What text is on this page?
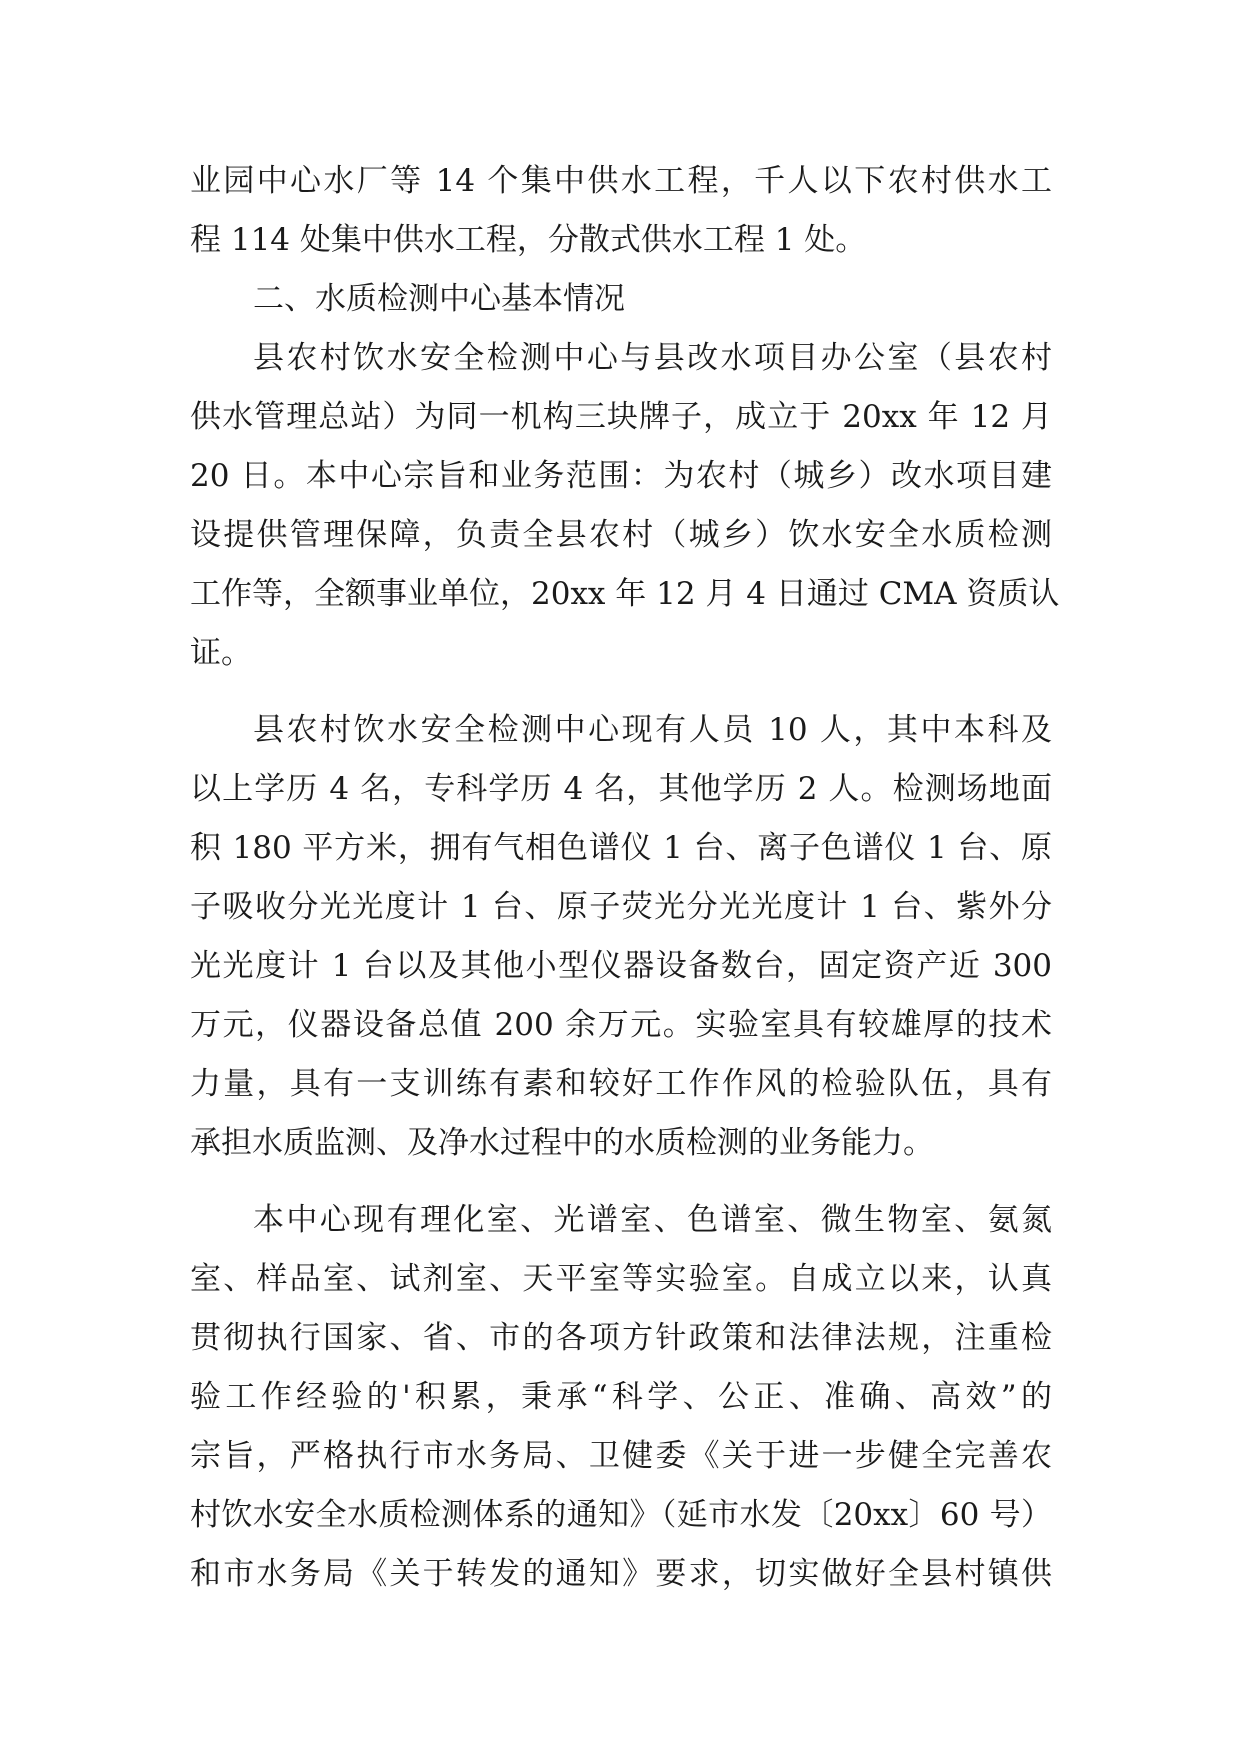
业园中心水厂等 14 个集中供水工程，千人以下农村供水工
程 114 处集中供水工程，分散式供水工程 1 处。
二、水质检测中心基本情况
县农村饮水安全检测中心与县改水项目办公室（县农村
供水管理总站）为同一机构三块牌子，成立于 20xx 年 12 月
20 日。本中心宗旨和业务范围：为农村（城乡）改水项目建
设提供管理保障，负责全县农村（城乡）饮水安全水质检测
工作等，全额事业单位，20xx 年 12 月 4 日通过 CMA 资质认
证。
县农村饮水安全检测中心现有人员 10 人，其中本科及
以上学历 4 名，专科学历 4 名，其他学历 2 人。检测场地面
积 180 平方米，拥有气相色谱仪 1 台、离子色谱仪 1 台、原
子吸收分光光度计 1 台、原子荧光分光光度计 1 台、紫外分
光光度计 1 台以及其他小型仪器设备数台，固定资产近 300
万元，仪器设备总值 200 余万元。实验室具有较雄厚的技术
力量，具有一支训练有素和较好工作作风的检验队伍，具有
承担水质监测、及净水过程中的水质检测的业务能力。
本中心现有理化室、光谱室、色谱室、微生物室、氨氮
室、样品室、试剂室、天平室等实验室。自成立以来，认真
贯彻执行国家、省、市的各项方针政策和法律法规，注重检
验工作经验的'积累，秉承“科学、公正、准确、高效”的
宗旨，严格执行市水务局、卫健委《关于进一步健全完善农
村饮水安全水质检测体系的通知》（延市水发〔20xx〕60 号）
和市水务局《关于转发的通知》要求，切实做好全县村镇供
